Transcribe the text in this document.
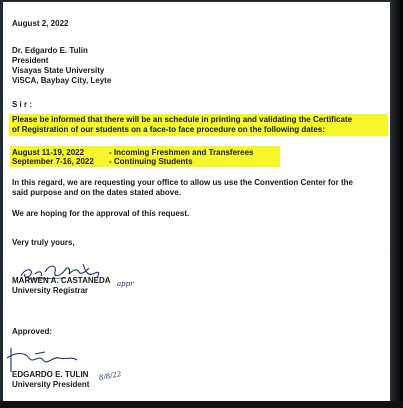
August 2, 2022

Dr. Edgardo E. Tulin

President

Visayas State University

ViSCA, Baybay City, Leyte

S i r :

Please be informed that there will be an schedule in printing and validating the Certificate

of Registration of our students on a face-to face procedure on the following dates:

August 11-19, 2022	- Incoming Freshmen and Transferees

September 7-16, 2022 - Continuing Students

In this regard, we are requesting your office to allow us use the Convention Center for the

said purpose and on the dates stated above.

We are hoping for the approval of this request.

Very truly yours,

MARWEN A. CASTANEDA

University Registrar

appr

Approved:

EDGARDO E. TULIN

University President

8/8/22
